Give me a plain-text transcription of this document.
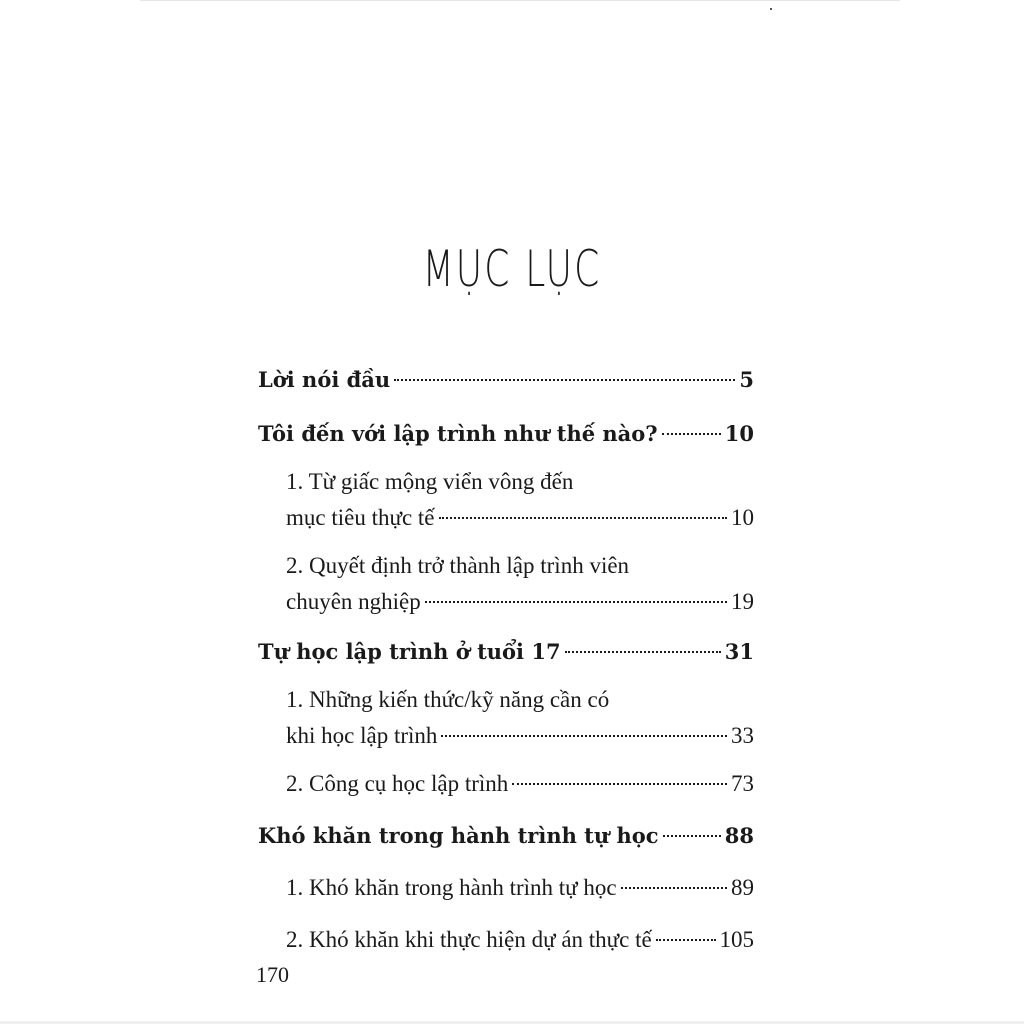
MỤC LỤC
Lời nói đầu	5
Tôi đến với lập trình như thế nào?	10
1. Từ giấc mộng viển vông đến
mục tiêu thực tế	10
2. Quyết định trở thành lập trình viên
chuyên nghiệp	19
Tự học lập trình ở tuổi 17	31
1. Những kiến thức/kỹ năng cần có
khi học lập trình	33
2. Công cụ học lập trình	73
Khó khăn trong hành trình tự học	88
1. Khó khăn trong hành trình tự học	89
2. Khó khăn khi thực hiện dự án thực tế	105
170
